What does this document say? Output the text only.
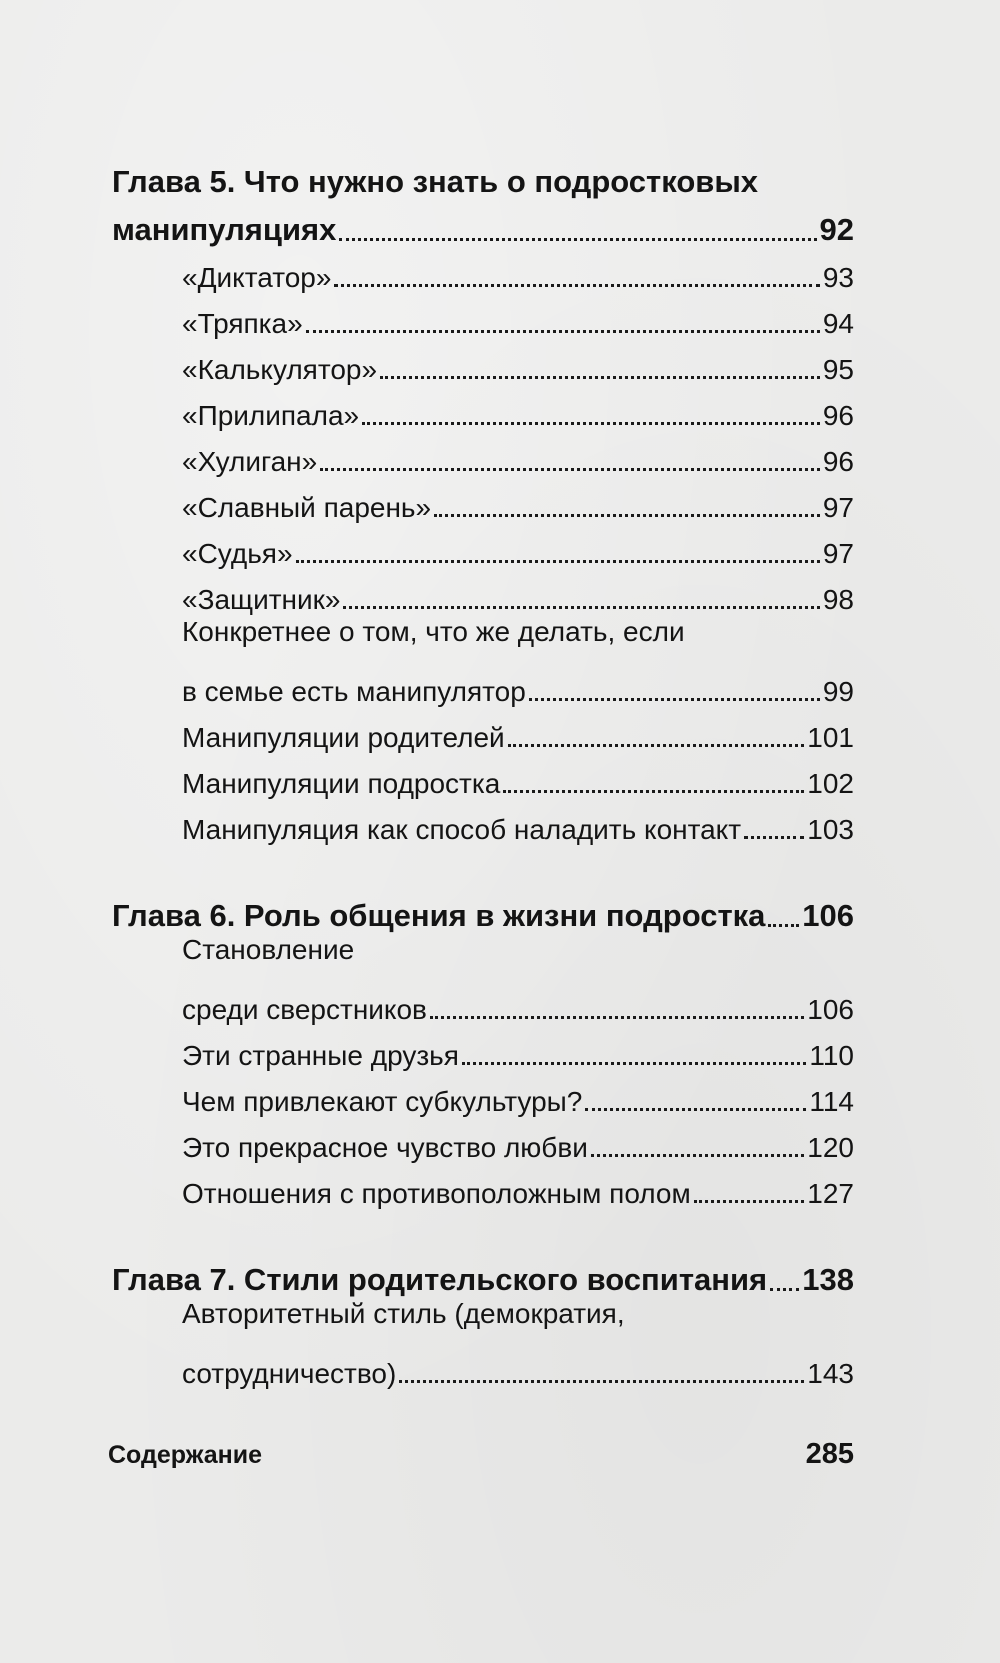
Глава 5. Что нужно знать о подростковых
манипуляциях	92
«Диктатор»	93
«Тряпка»	94
«Калькулятор»	95
«Прилипала»	96
«Хулиган»	96
«Славный парень»	97
«Судья»	97
«Защитник»	98
Конкретнее о том, что же делать, если
в семье есть манипулятор	99
Манипуляции родителей	101
Манипуляции подростка	102
Манипуляция как способ наладить контакт 103
Глава 6. Роль общения в жизни подростка 106
Становление
среди сверстников	106
Эти странные друзья	110
Чем привлекают субкультуры?	114
Это прекрасное чувство любви	120
Отношения с противоположным полом	127
Глава 7. Стили родительского воспитания 138
Авторитетный стиль (демократия,
сотрудничество)	143
Содержание	285
